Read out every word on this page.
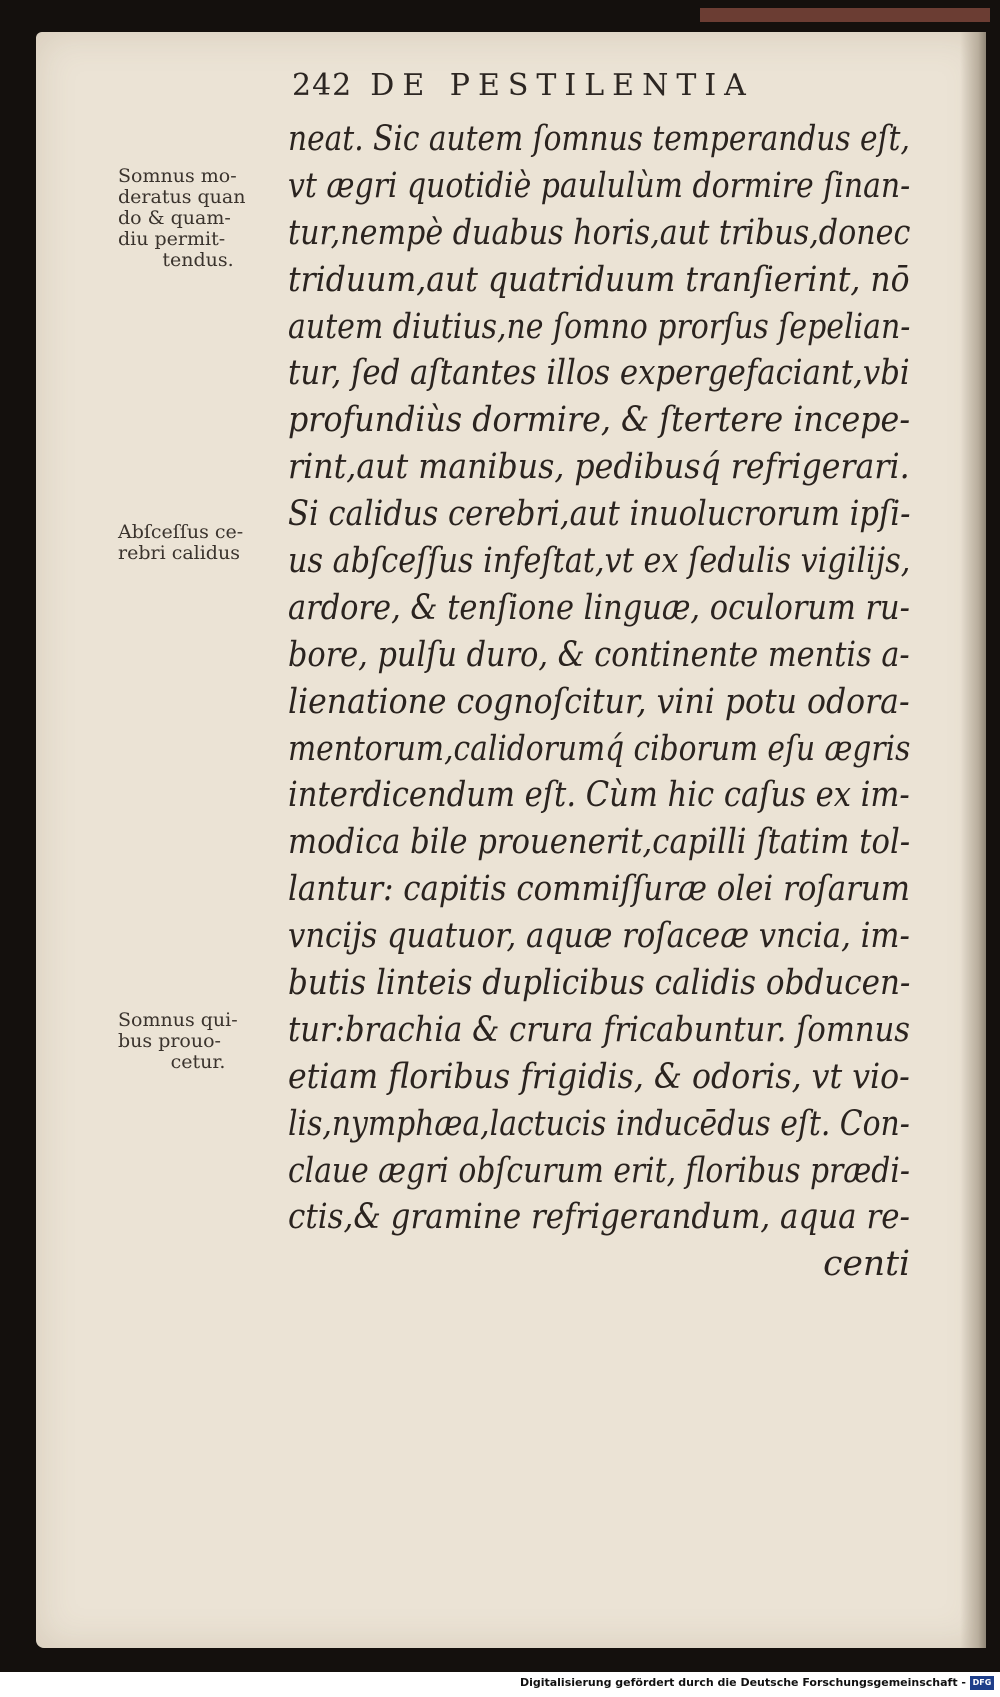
242 DE PESTILENTIA
neat. Sic autem ſomnus temperandus eſt,
vt ægri quotidiè paululùm dormire ſinan-
tur,nempè duabus horis,aut tribus,donec
triduum,aut quatriduum tranſierint, nō
autem diutius,ne ſomno prorſus ſepelian-
tur, ſed aſtantes illos expergefaciant,vbi
profundiùs dormire, & ſtertere incepe-
rint,aut manibus, pedibusq́ refrigerari.
Si calidus cerebri,aut inuolucrorum ipſi-
us abſceſſus infeſtat,vt ex ſedulis vigilijs,
ardore, & tenſione linguæ, oculorum ru-
bore, pulſu duro, & continente mentis a-
lienatione cognoſcitur, vini potu odora-
mentorum,calidorumq́ ciborum eſu ægris
interdicendum eſt. Cùm hic caſus ex im-
modica bile prouenerit,capilli ſtatim tol-
lantur: capitis commiſſuræ olei roſarum
vncijs quatuor, aquæ roſaceæ vncia, im-
butis linteis duplicibus calidis obducen-
tur:brachia & crura fricabuntur. ſomnus
etiam floribus frigidis, & odoris, vt vio-
lis,nymphæa,lactucis inducēdus eſt. Con-
claue ægri obſcurum erit, floribus prædi-
ctis,& gramine refrigerandum, aqua re-
centi
Somnus mo-
deratus quan
do & quam-
diu permit-
tendus.
Abſceſſus ce-
rebri calidus
Somnus qui-
bus prouo-
cetur.
Digitalisierung gefördert durch die Deutsche Forschungsgemeinschaft - DFG
